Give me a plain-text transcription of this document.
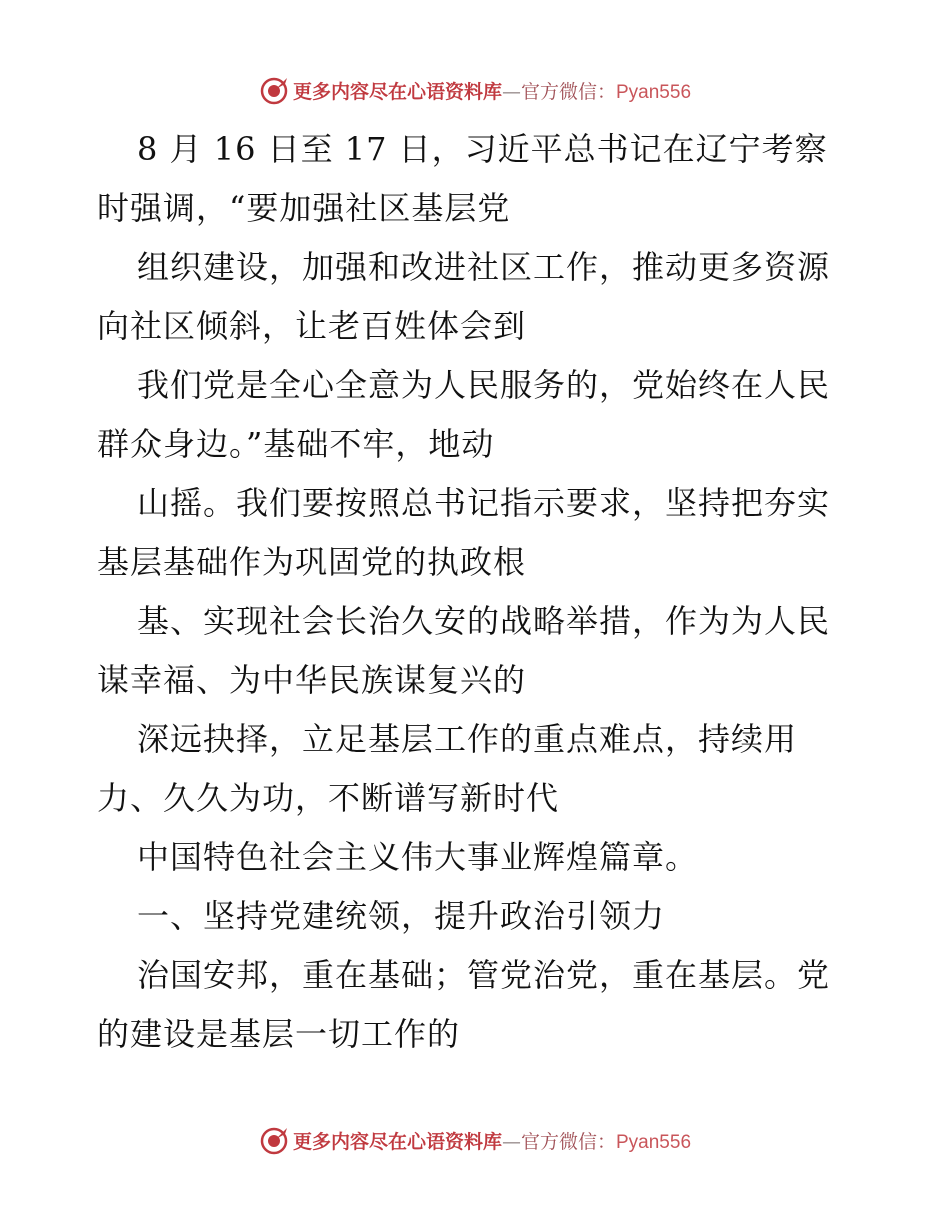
更多内容尽在心语资料库—官方微信：Pyan556

8 月 16 日至 17 日，习近平总书记在辽宁考察时强调，“要加强社区基层党

组织建设，加强和改进社区工作，推动更多资源向社区倾斜，让老百姓体会到

我们党是全心全意为人民服务的，党始终在人民群众身边。”基础不牢，地动

山摇。我们要按照总书记指示要求，坚持把夯实基层基础作为巩固党的执政根

基、实现社会长治久安的战略举措，作为为人民谋幸福、为中华民族谋复兴的

深远抉择，立足基层工作的重点难点，持续用力、久久为功，不断谱写新时代

中国特色社会主义伟大事业辉煌篇章。

一、坚持党建统领，提升政治引领力

治国安邦，重在基础；管党治党，重在基层。党的建设是基层一切工作的

更多内容尽在心语资料库—官方微信：Pyan556
